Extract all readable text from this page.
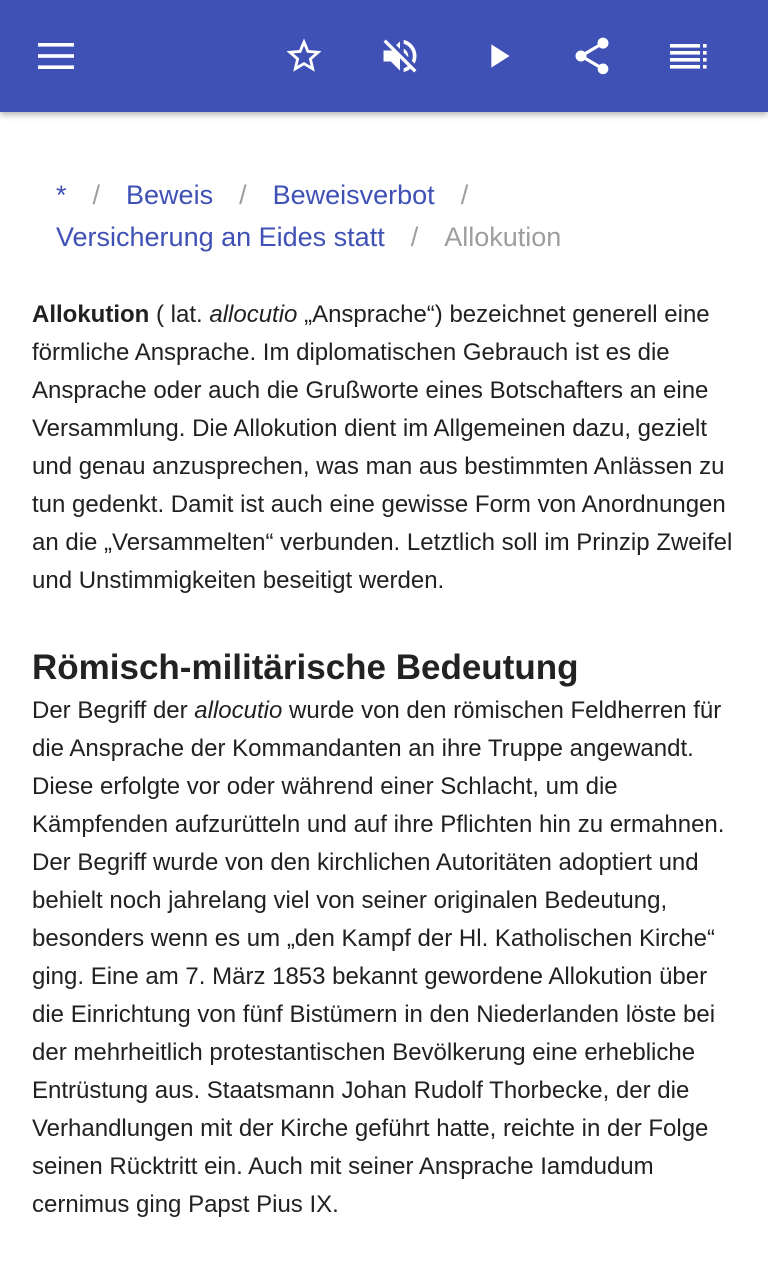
* / Beweis / Beweisverbot /
Versicherung an Eides statt / Allokution

Allokution ( lat. allocutio „Ansprache“) bezeichnet generell eine förmliche Ansprache. Im diplomatischen Gebrauch ist es die Ansprache oder auch die Grußworte eines Botschafters an eine Versammlung. Die Allokution dient im Allgemeinen dazu, gezielt und genau anzusprechen, was man aus bestimmten Anlässen zu tun gedenkt. Damit ist auch eine gewisse Form von Anordnungen an die „Versammelten“ verbunden. Letztlich soll im Prinzip Zweifel und Unstimmigkeiten beseitigt werden.

Römisch-militärische Bedeutung

Der Begriff der allocutio wurde von den römischen Feldherren für die Ansprache der Kommandanten an ihre Truppe angewandt. Diese erfolgte vor oder während einer Schlacht, um die Kämpfenden aufzurütteln und auf ihre Pflichten hin zu ermahnen. Der Begriff wurde von den kirchlichen Autoritäten adoptiert und behielt noch jahrelang viel von seiner originalen Bedeutung, besonders wenn es um „den Kampf der Hl. Katholischen Kirche“ ging. Eine am 7. März 1853 bekannt gewordene Allokution über die Einrichtung von fünf Bistümern in den Niederlanden löste bei der mehrheitlich protestantischen Bevölkerung eine erhebliche Entrüstung aus. Staatsmann Johan Rudolf Thorbecke, der die Verhandlungen mit der Kirche geführt hatte, reichte in der Folge seinen Rücktritt ein. Auch mit seiner Ansprache Iamdudum cernimus ging Papst Pius IX.
